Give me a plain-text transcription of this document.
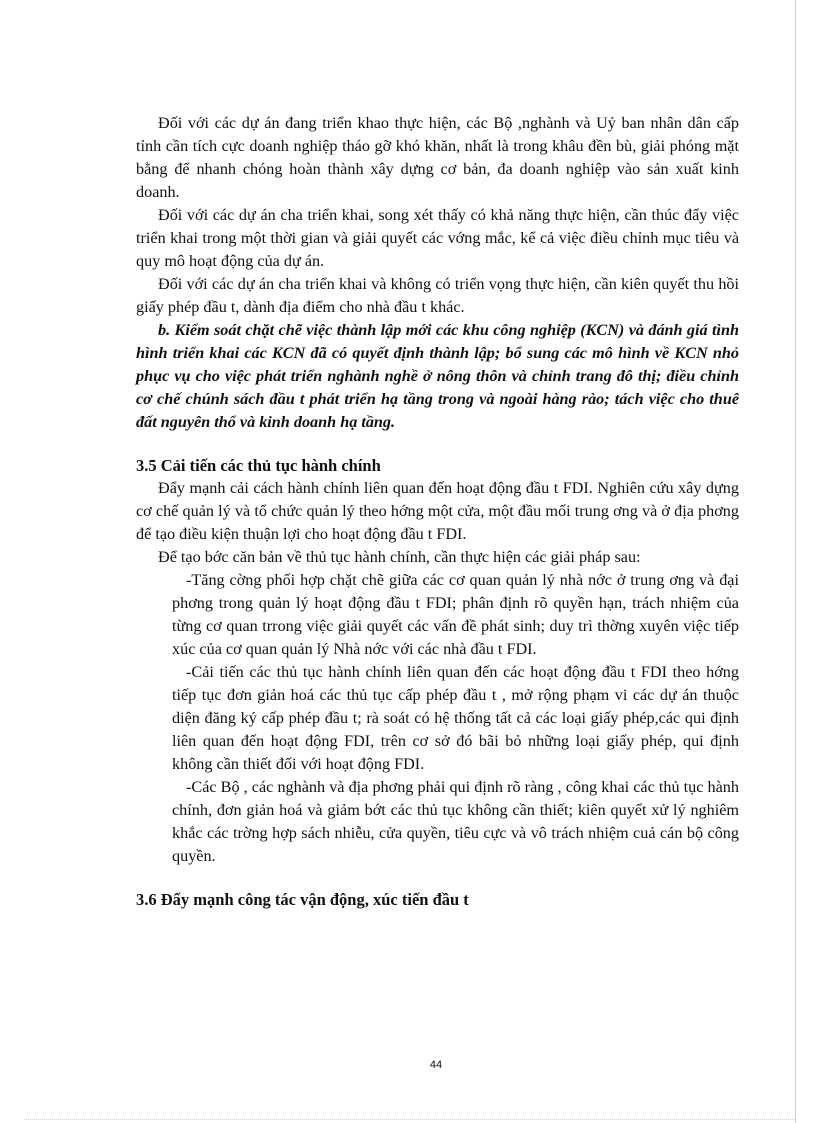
Đối với các dự án đang triển khao thực hiện, các Bộ ,nghành và Uỷ ban nhân dân cấp tỉnh cần tích cực doanh nghiệp tháo gỡ khó khăn, nhất là trong khâu đền bù, giải phóng mặt bằng để nhanh chóng hoàn thành xây dựng cơ bản, đa doanh nghiệp vào sản xuất kinh doanh.

Đối với các dự án cha triển khai, song xét thấy có khả năng thực hiện, cần thúc đẩy việc triển khai trong một thời gian và giải quyết các vớng mắc, kể cả việc điều chỉnh mục tiêu và quy mô hoạt động của dự án.

Đối với các dự án cha triển khai và không có triển vọng thực hiện, cần kiên quyết thu hồi giấy phép đầu t, dành địa điểm cho nhà đầu t khác.

b. Kiểm soát chặt chẽ việc thành lập mới các khu công nghiệp (KCN) và đánh giá tình hình triển khai các KCN đã có quyết định thành lập; bổ sung các mô hình về KCN nhỏ phục vụ cho việc phát triển nghành nghề ở nông thôn và chỉnh trang đô thị; điều chỉnh cơ chế chúnh sách đầu t phát triển hạ tầng trong và ngoài hàng rào; tách việc cho thuê đất nguyên thổ và kinh doanh hạ tầng.

3.5 Cải tiến các thủ tục hành chính

Đẩy mạnh cải cách hành chính liên quan đến hoạt động đầu t FDI. Nghiên cứu xây dựng cơ chế quản lý và tổ chức quản lý theo hớng một cửa, một đầu mối trung ơng và ở địa phơng để tạo điều kiện thuận lợi cho hoạt động đầu t FDI.

Để tạo bớc căn bản về thủ tục hành chính, cần thực hiện các giải pháp sau:

-Tăng cờng phối hợp chặt chẽ giữa các cơ quan quản lý nhà nớc ở trung ơng và đại phơng trong quản lý hoạt động đầu t FDI; phân định rõ quyền hạn, trách nhiệm của từng cơ quan trrong việc giải quyết các vấn đề phát sinh; duy trì thờng xuyên việc tiếp xúc của cơ quan quản lý Nhà nớc với các nhà đầu t FDI.

-Cải tiến các thủ tục hành chính liên quan đến các hoạt động đầu t FDI theo hớng tiếp tục đơn giản hoá các thủ tục cấp phép đầu t , mở rộng phạm vi các dự án thuộc diện đăng ký cấp phép đầu t; rà soát có hệ thống tất cả các loại giấy phép,các qui định liên quan đến hoạt động FDI, trên cơ sở đó bãi bỏ những loại giấy phép, qui định không cần thiết đối với hoạt động FDI.

-Các Bộ , các nghành và địa phơng phải qui định rõ ràng , công khai các thủ tục hành chính, đơn giản hoá và giảm bớt các thủ tục không cần thiết; kiên quyết xử lý nghiêm khắc các trờng hợp sách nhiễu, cửa quyền, tiêu cực và vô trách nhiệm cuả cán bộ công quyền.

3.6 Đẩy mạnh công tác vận động, xúc tiến đầu t
44
